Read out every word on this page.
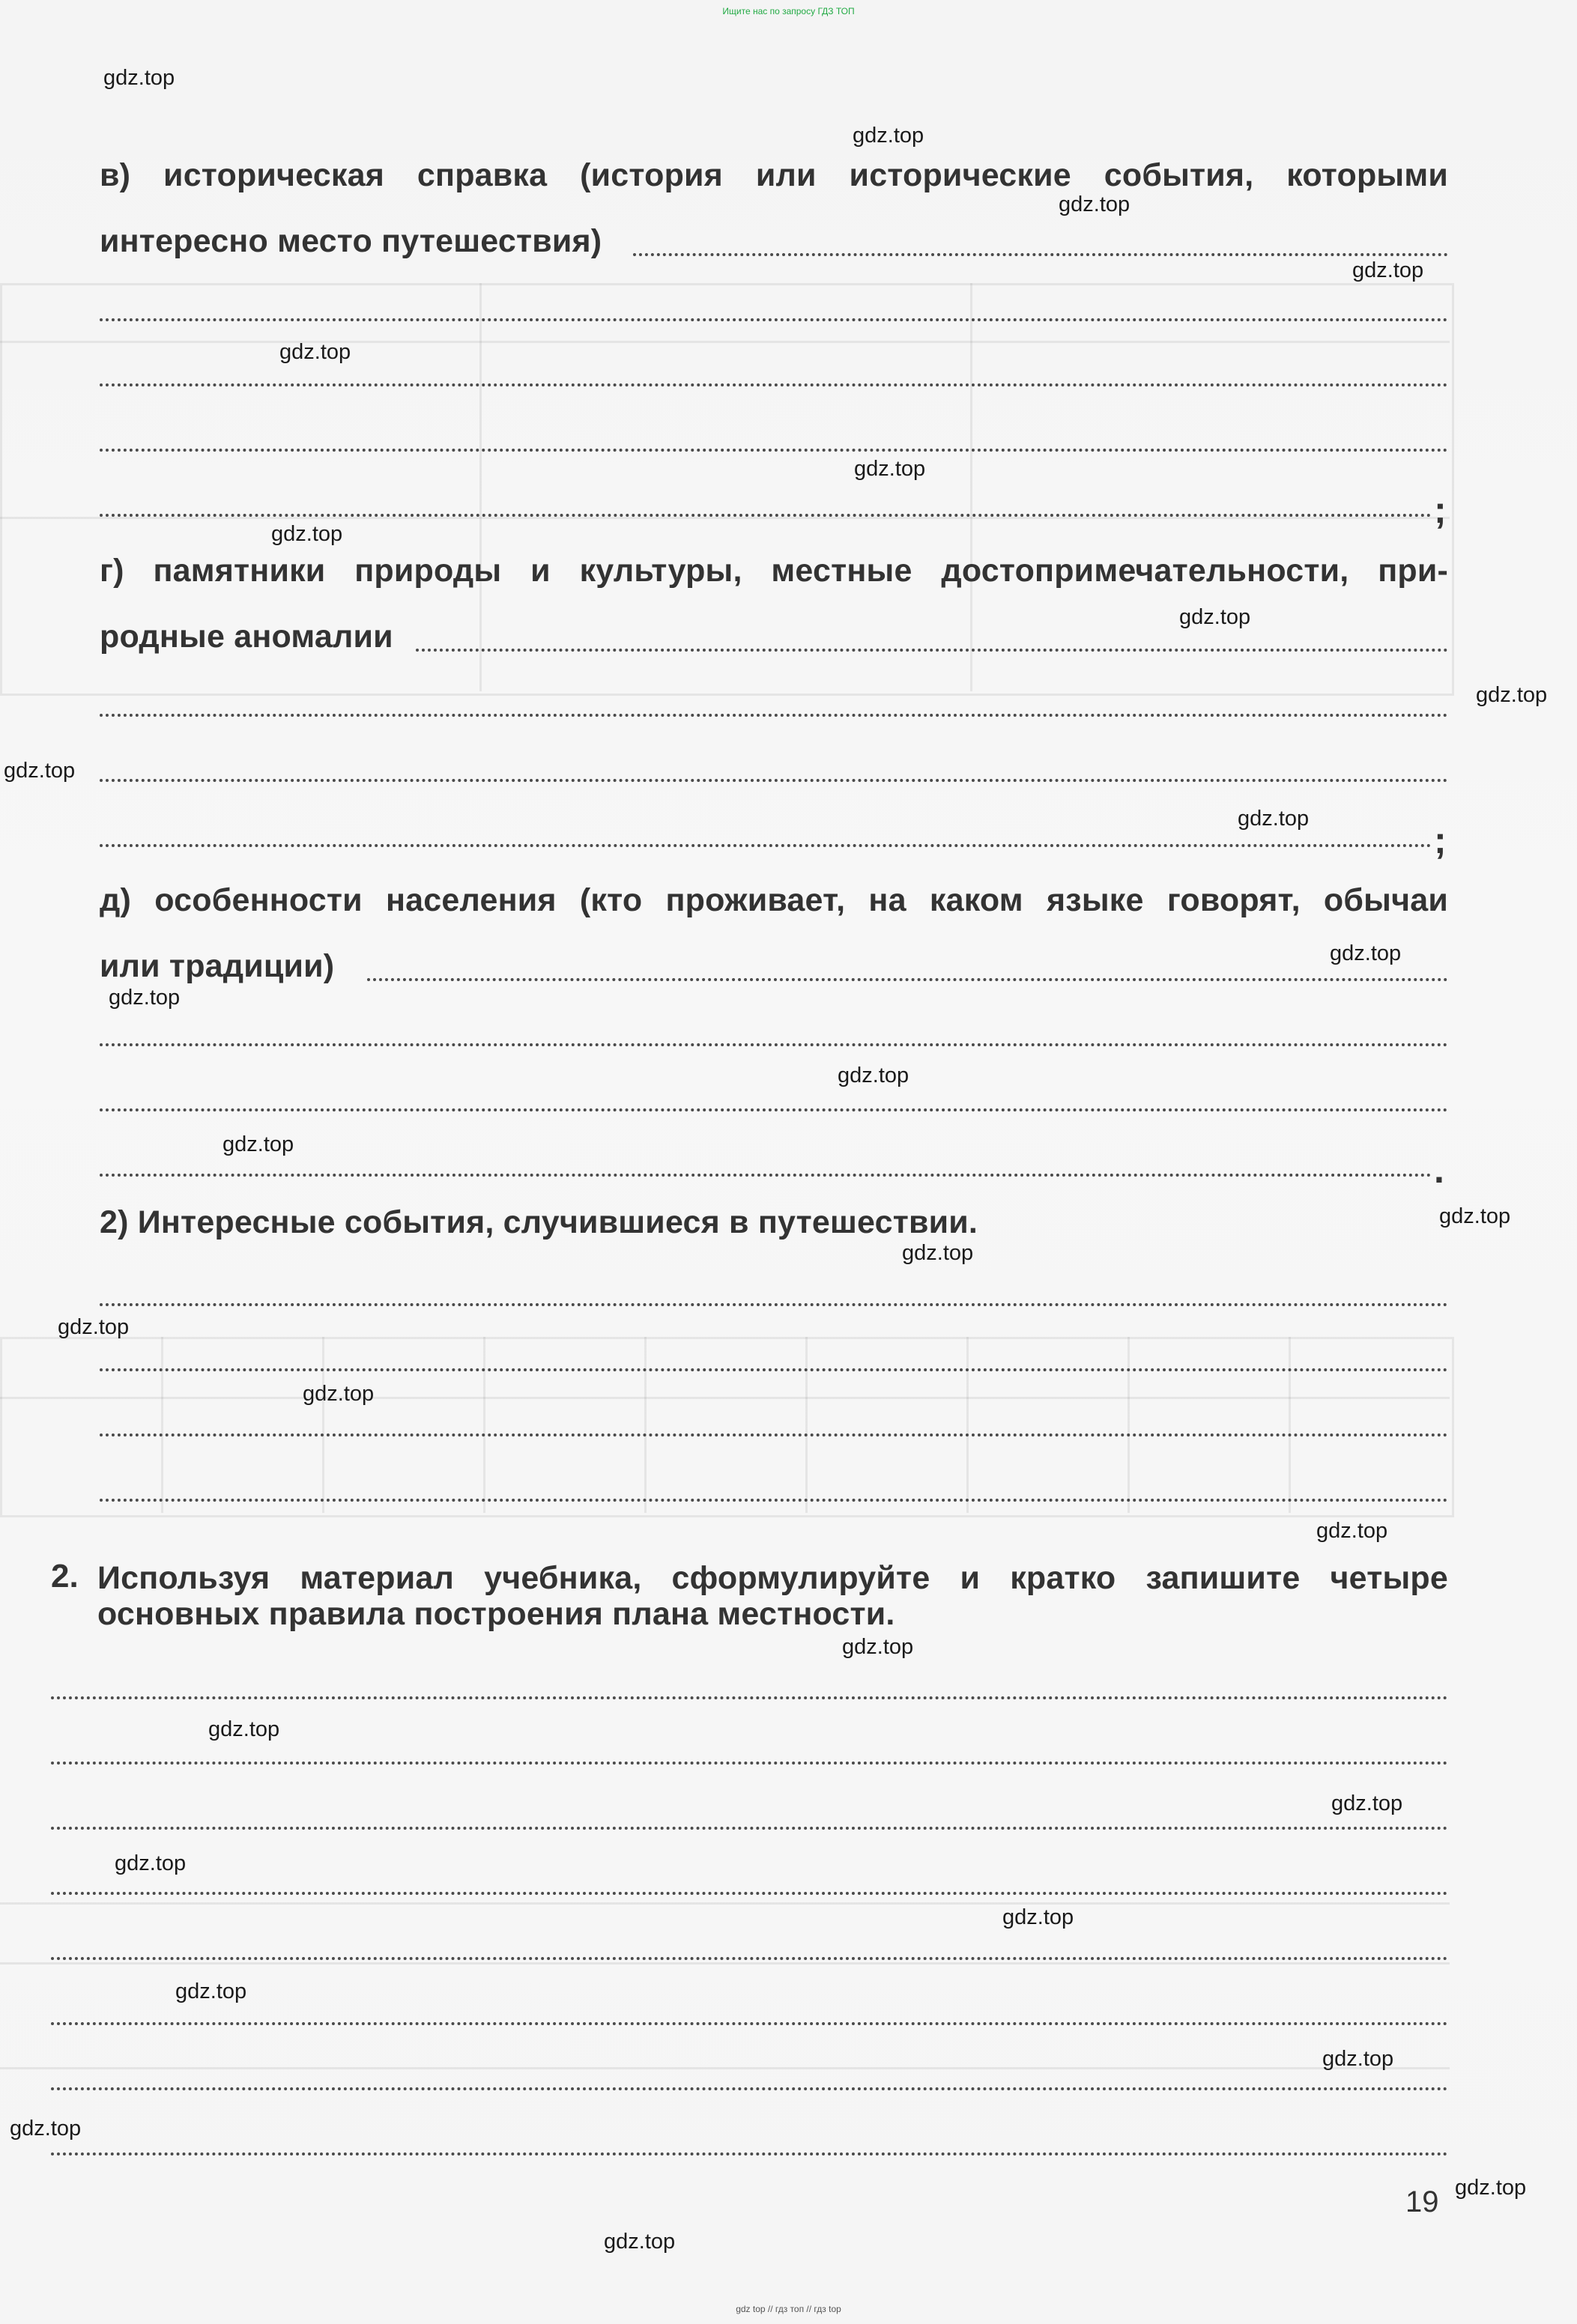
Ищите нас по запросу ГДЗ ТОП
gdz top // гдз топ // гдз top
в) историческая справка (история или исторические события, которыми
интересно место путешествия)
;
г) памятники природы и культуры, местные достопримечательности, при-
родные аномалии
;
д) особенности населения (кто проживает, на каком языке говорят, обычаи
или традиции)
.
2) Интересные события, случившиеся в путешествии.
2. Используя материал учебника, сформулируйте и кратко запишите четыре
основных правила построения плана местности.
19
gdz.top
gdz.top
gdz.top
gdz.top
gdz.top
gdz.top
gdz.top
gdz.top
gdz.top
gdz.top
gdz.top
gdz.top
gdz.top
gdz.top
gdz.top
gdz.top
gdz.top
gdz.top
gdz.top
gdz.top
gdz.top
gdz.top
gdz.top
gdz.top
gdz.top
gdz.top
gdz.top
gdz.top
gdz.top
gdz.top
